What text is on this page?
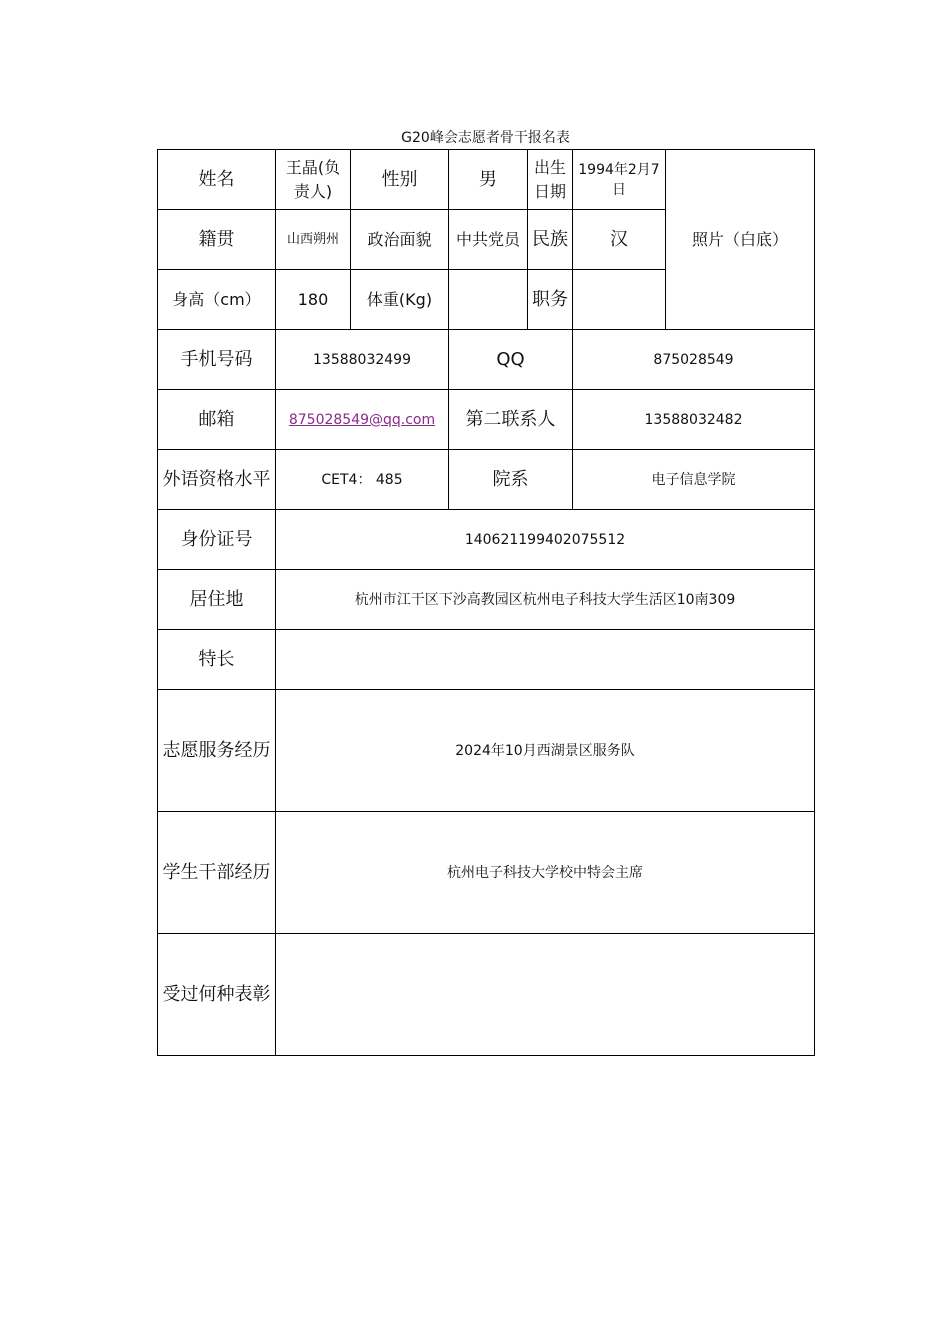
G20峰会志愿者骨干报名表
姓名	王晶(负责人)	性别	男	出生日期	1994年2月7日	照片（白底）
籍贯	山西朔州	政治面貌	中共党员	民族	汉	
身高（cm）	180	体重(Kg)		职务		
手机号码	13588032499		QQ		875028549	
邮箱	875028549@qq.com		第二联系人		13588032482	
外语资格水平	CET4： 485		院系		电子信息学院	
身份证号	140621199402075512					
居住地	杭州市江干区下沙高教园区杭州电子科技大学生活区10南309					
特长						
志愿服务经历	2024年10月西湖景区服务队					
学生干部经历	杭州电子科技大学校中特会主席					
受过何种表彰						
